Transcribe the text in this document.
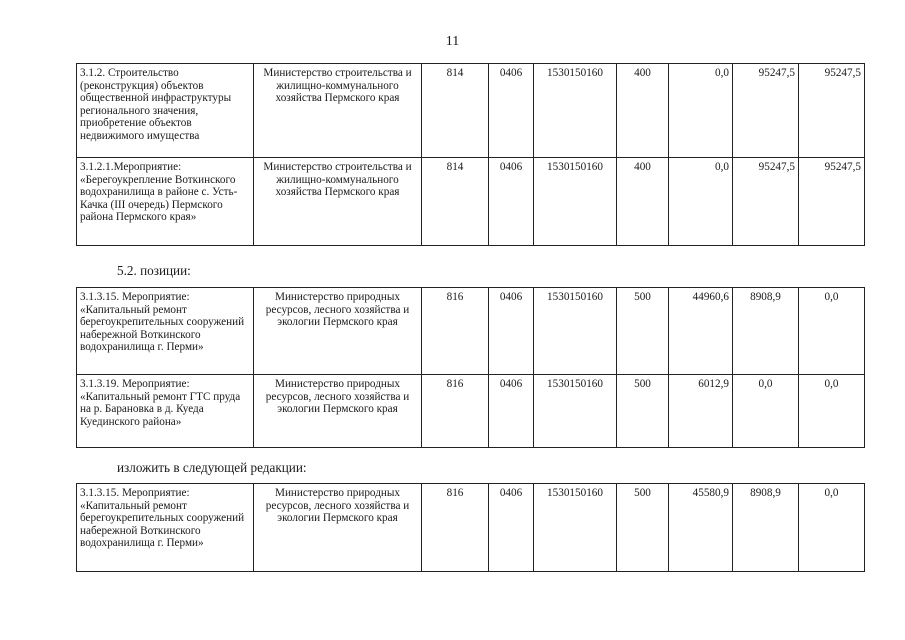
11
3.1.2. Строительство (реконструкция) объектов общественной инфраструктуры регионального значения, приобретение объектов недвижимого имущества	Министерство строительства и жилищно-коммунального хозяйства Пермского края	814	0406	1530150160	400	0,0	95247,5	95247,5
3.1.2.1.Мероприятие: «Берегоукрепление Воткинского водохранилища в районе с. Усть-Качка (III очередь) Пермского района Пермского края»	Министерство строительства и жилищно-коммунального хозяйства Пермского края	814	0406	1530150160	400	0,0	95247,5	95247,5
5.2. позиции:
3.1.3.15. Мероприятие: «Капитальный ремонт берегоукрепительных сооружений набережной Воткинского водохранилища г. Перми»	Министерство природных ресурсов, лесного хозяйства и экологии Пермского края	816	0406	1530150160	500	44960,6	8908,9	0,0
3.1.3.19. Мероприятие: «Капитальный ремонт ГТС пруда на р. Барановка в д. Куеда Куединского района»	Министерство природных ресурсов, лесного хозяйства и экологии Пермского края	816	0406	1530150160	500	6012,9	0,0	0,0
изложить в следующей редакции:
3.1.3.15. Мероприятие: «Капитальный ремонт берегоукрепительных сооружений набережной Воткинского водохранилища г. Перми»	Министерство природных ресурсов, лесного хозяйства и экологии Пермского края	816	0406	1530150160	500	45580,9	8908,9	0,0
